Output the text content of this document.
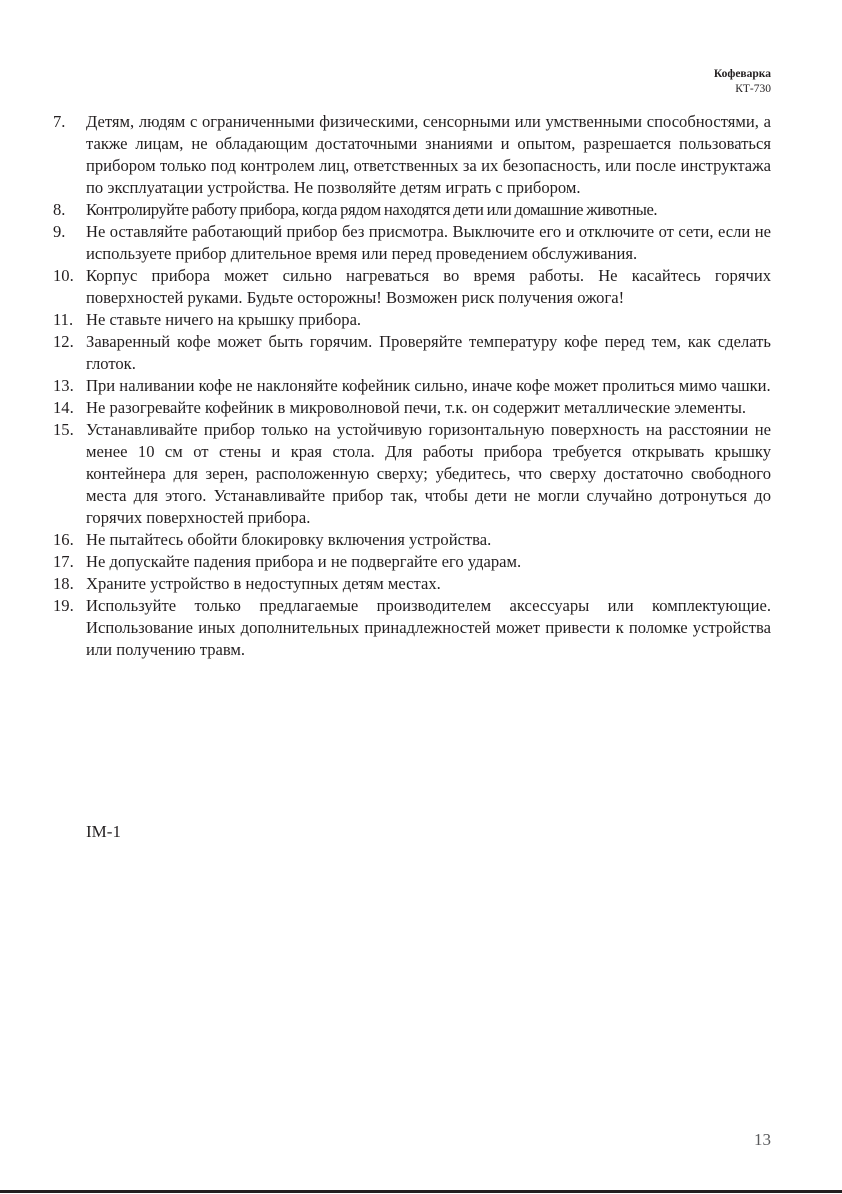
Кофеварка
КТ-730
7. Детям, людям с ограниченными физическими, сенсорными или умственными способностями, а также лицам, не обладающим достаточными знаниями и опытом, разрешается пользоваться прибором только под контролем лиц, ответственных за их безопасность, или после инструктажа по эксплуатации устройства. Не позволяйте детям играть с прибором.
8. Контролируйте работу прибора, когда рядом находятся дети или домашние животные.
9. Не оставляйте работающий прибор без присмотра. Выключите его и отключите от сети, если не используете прибор длительное время или перед проведением обслуживания.
10. Корпус прибора может сильно нагреваться во время работы. Не касайтесь горячих поверхностей руками. Будьте осторожны! Возможен риск получения ожога!
11. Не ставьте ничего на крышку прибора.
12. Заваренный кофе может быть горячим. Проверяйте температуру кофе перед тем, как сделать глоток.
13. При наливании кофе не наклоняйте кофейник сильно, иначе кофе может пролиться мимо чашки.
14. Не разогревайте кофейник в микроволновой печи, т.к. он содержит металлические элементы.
15. Устанавливайте прибор только на устойчивую горизонтальную поверхность на расстоянии не менее 10 см от стены и края стола. Для работы прибора требуется открывать крышку контейнера для зерен, расположенную сверху; убедитесь, что сверху достаточно свободного места для этого. Устанавливайте прибор так, чтобы дети не могли случайно дотронуться до горячих поверхностей прибора.
16. Не пытайтесь обойти блокировку включения устройства.
17. Не допускайте падения прибора и не подвергайте его ударам.
18. Храните устройство в недоступных детям местах.
19. Используйте только предлагаемые производителем аксессуары или комплектующие. Использование иных дополнительных принадлежностей может привести к поломке устройства или получению травм.
IM-1
13
